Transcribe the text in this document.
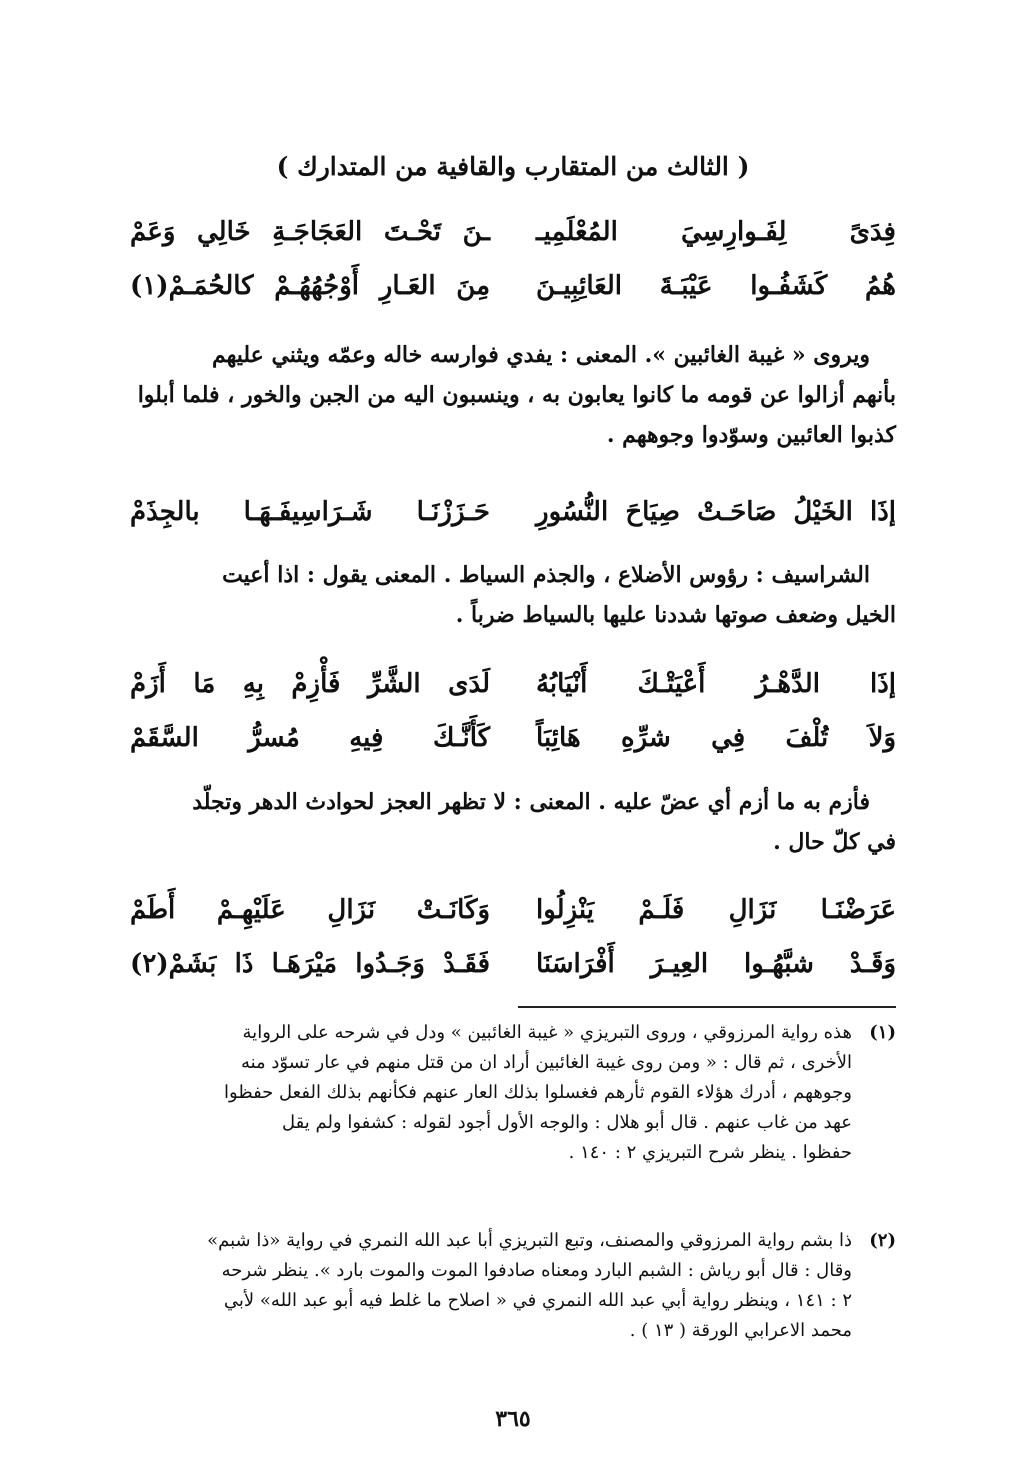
( الثالث من المتقارب والقافية من المتدارك )
فِدَىً
لِفَـوارِسِيَ
المُعْلَمِيـ
ـنَ
تَحْـتَ
العَجَاجَـةِ
خَالِي
وَعَمْ
هُمُ
كَشَفُـوا
عَيْبَـةَ
العَائِبِيـنَ
مِنَ
العَـارِ
أَوْجُهُهُـمْ
كالحُمَـمْ(١)
ويروى « غيبة الغائبين ». المعنى : يفدي فوارسه خاله وعمّه ويثني عليهم
بأنهم أزالوا عن قومه ما كانوا يعابون به ، وينسبون اليه من الجبن والخور ، فلما أبلوا
كذبوا العائبين وسوّدوا وجوههم .
إذَا
الخَيْلُ
صَاحَـتْ
صِيَاحَ
النُّسُورِ
حَـزَزْنَـا
شَـرَاسِيفَـهَـا
بالجِذَمْ
الشراسيف : رؤوس الأضلاع ، والجذم السياط . المعنى يقول : اذا أعيت
الخيل وضعف صوتها شددنا عليها بالسياط ضرباً .
إذَا
الدَّهْـرُ
أَعْيَتْـكَ
أَنْيَابُهُ
لَدَى
الشَّرِّ
فَأْزِمْ
بِهِ
مَا
أَزَمْ
وَلاَ
تُلْفَ
فِي
شرِّهِ
هَائِبَاً
كَأَنَّـكَ
فِيهِ
مُسرُّ
السَّقَمْ
فأزم به ما أزم أي عضّ عليه . المعنى : لا تظهر العجز لحوادث الدهر وتجلّد
في كلّ حال .
عَرَضْنَـا
نَزَالِ
فَلَـمْ
يَنْزِلُوا
وَكَانَـتْ
نَزَالِ
عَلَيْهِـمْ
أَطَمْ
وَقَـدْ
شبَّهُـوا
العِيـرَ
أَفْرَاسَنَا
فَقَـدْ
وَجَـدُوا
مَيْرَهَـا
ذَا
بَشَمْ(٢)
(١)
هذه رواية المرزوقي ، وروى التبريزي « غيبة الغائبين » ودل في شرحه على الرواية
الأخرى ، ثم قال : « ومن روى غيبة الغائبين أراد ان من قتل منهم في عار تسوّد منه
وجوههم ، أدرك هؤلاء القوم ثأرهم فغسلوا بذلك العار عنهم فكأنهم بذلك الفعل حفظوا
عهد من غاب عنهم . قال أبو هلال : والوجه الأول أجود لقوله : كشفوا ولم يقل
حفظوا . ينظر شرح التبريزي ٢ : ١٤٠ .
(٢)
ذا بشم رواية المرزوقي والمصنف، وتبع التبريزي أبا عبد الله النمري في رواية «ذا شبم»
وقال : قال أبو رياش : الشبم البارد ومعناه صادفوا الموت والموت بارد ». ينظر شرحه
٢ : ١٤١ ، وينظر رواية أبي عبد الله النمري في « اصلاح ما غلط فيه أبو عبد الله» لأبي
محمد الاعرابي الورقة ( ١٣ ) .
٣٦٥
